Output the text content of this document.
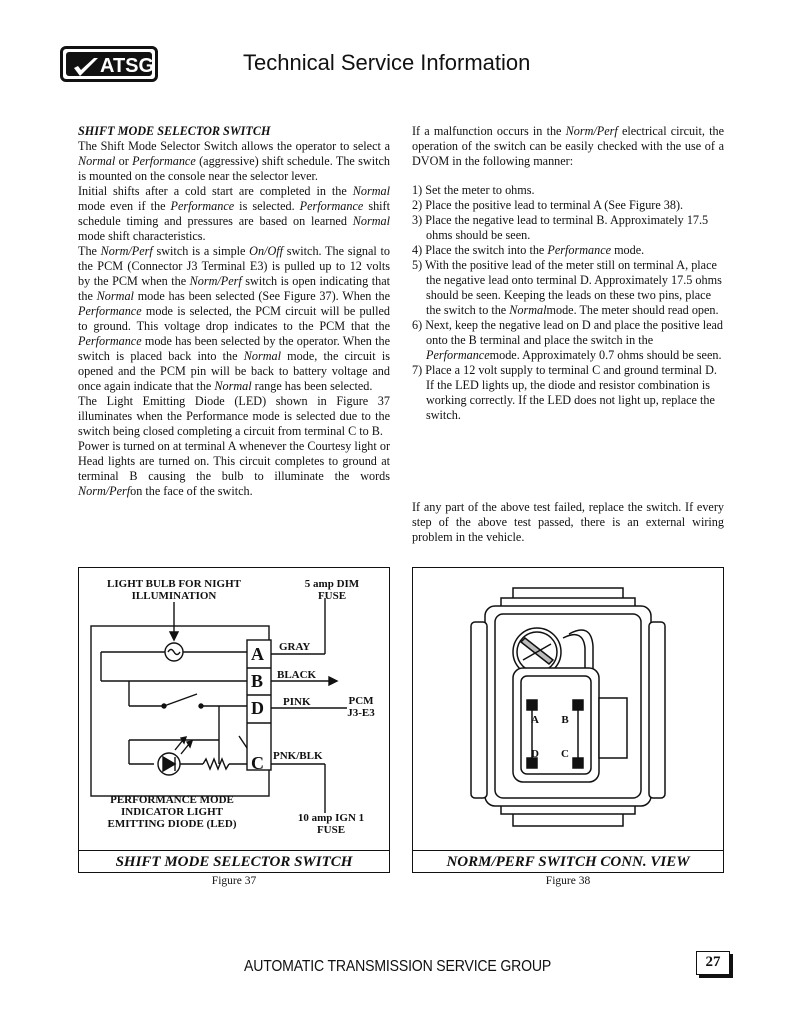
ATSG	Technical Service Information

SHIFT MODE SELECTOR SWITCH

The Shift Mode Selector Switch allows the operator to select a Normal or Performance (aggressive) shift schedule. The switch is mounted on the console near the selector lever.

Initial shifts after a cold start are completed in the Normal mode even if the Performance is selected. Performance shift schedule timing and pressures are based on learned Normal mode shift characteristics.

The Norm/Perf switch is a simple On/Off switch. The signal to the PCM (Connector J3 Terminal E3) is pulled up to 12 volts by the PCM when the Norm/Perf switch is open indicating that the Normal mode has been selected (See Figure 37). When the Performance mode is selected, the PCM circuit will be pulled to ground. This voltage drop indicates to the PCM that the Performance mode has been selected by the operator. When the switch is placed back into the Normal mode, the circuit is opened and the PCM pin will be back to battery voltage and once again indicate that the Normal range has been selected.

The Light Emitting Diode (LED) shown in Figure 37 illuminates when the Performance mode is selected due to the switch being closed completing a circuit from terminal C to B.

Power is turned on at terminal A whenever the Courtesy light or Head lights are turned on. This circuit completes to ground at terminal B causing the bulb to illuminate the words Norm/Perfon the face of the switch.

If a malfunction occurs in the Norm/Perf electrical circuit, the operation of the switch can be easily checked with the use of a DVOM in the following manner:

1) Set the meter to ohms.

2) Place the positive lead to terminal A (See Figure 38).

3) Place the negative lead to terminal B. Approximately 17.5 ohms should be seen.

4) Place the switch into the Performance mode.

5) With the positive lead of the meter still on terminal A, place the negative lead onto terminal D. Approximately 17.5 ohms should be seen. Keeping the leads on these two pins, place the switch to the Normalmode. The meter should read open.

6) Next, keep the negative lead on D and place the positive lead onto the B terminal and place the switch in the Performancemode. Approximately 0.7 ohms should be seen.

7) Place a 12 volt supply to terminal C and ground terminal D. If the LED lights up, the diode and resistor combination is working correctly. If the LED does not light up, replace the switch.

If any part of the above test failed, replace the switch. If every step of the above test passed, there is an external wiring problem in the vehicle.

LIGHT BULB FOR NIGHT ILLUMINATION
5 amp DIM FUSE
A
B
D
C
GRAY
BLACK
PINK	PCM J3-E3
PNK/BLK
PERFORMANCE MODE INDICATOR LIGHT EMITTING DIODE (LED)	10 amp IGN 1 FUSE
SHIFT MODE SELECTOR SWITCH
Figure 37
A	B
D C
NORM/PERF SWITCH CONN. VIEW
Figure 38
AUTOMATIC TRANSMISSION SERVICE GROUP	27
